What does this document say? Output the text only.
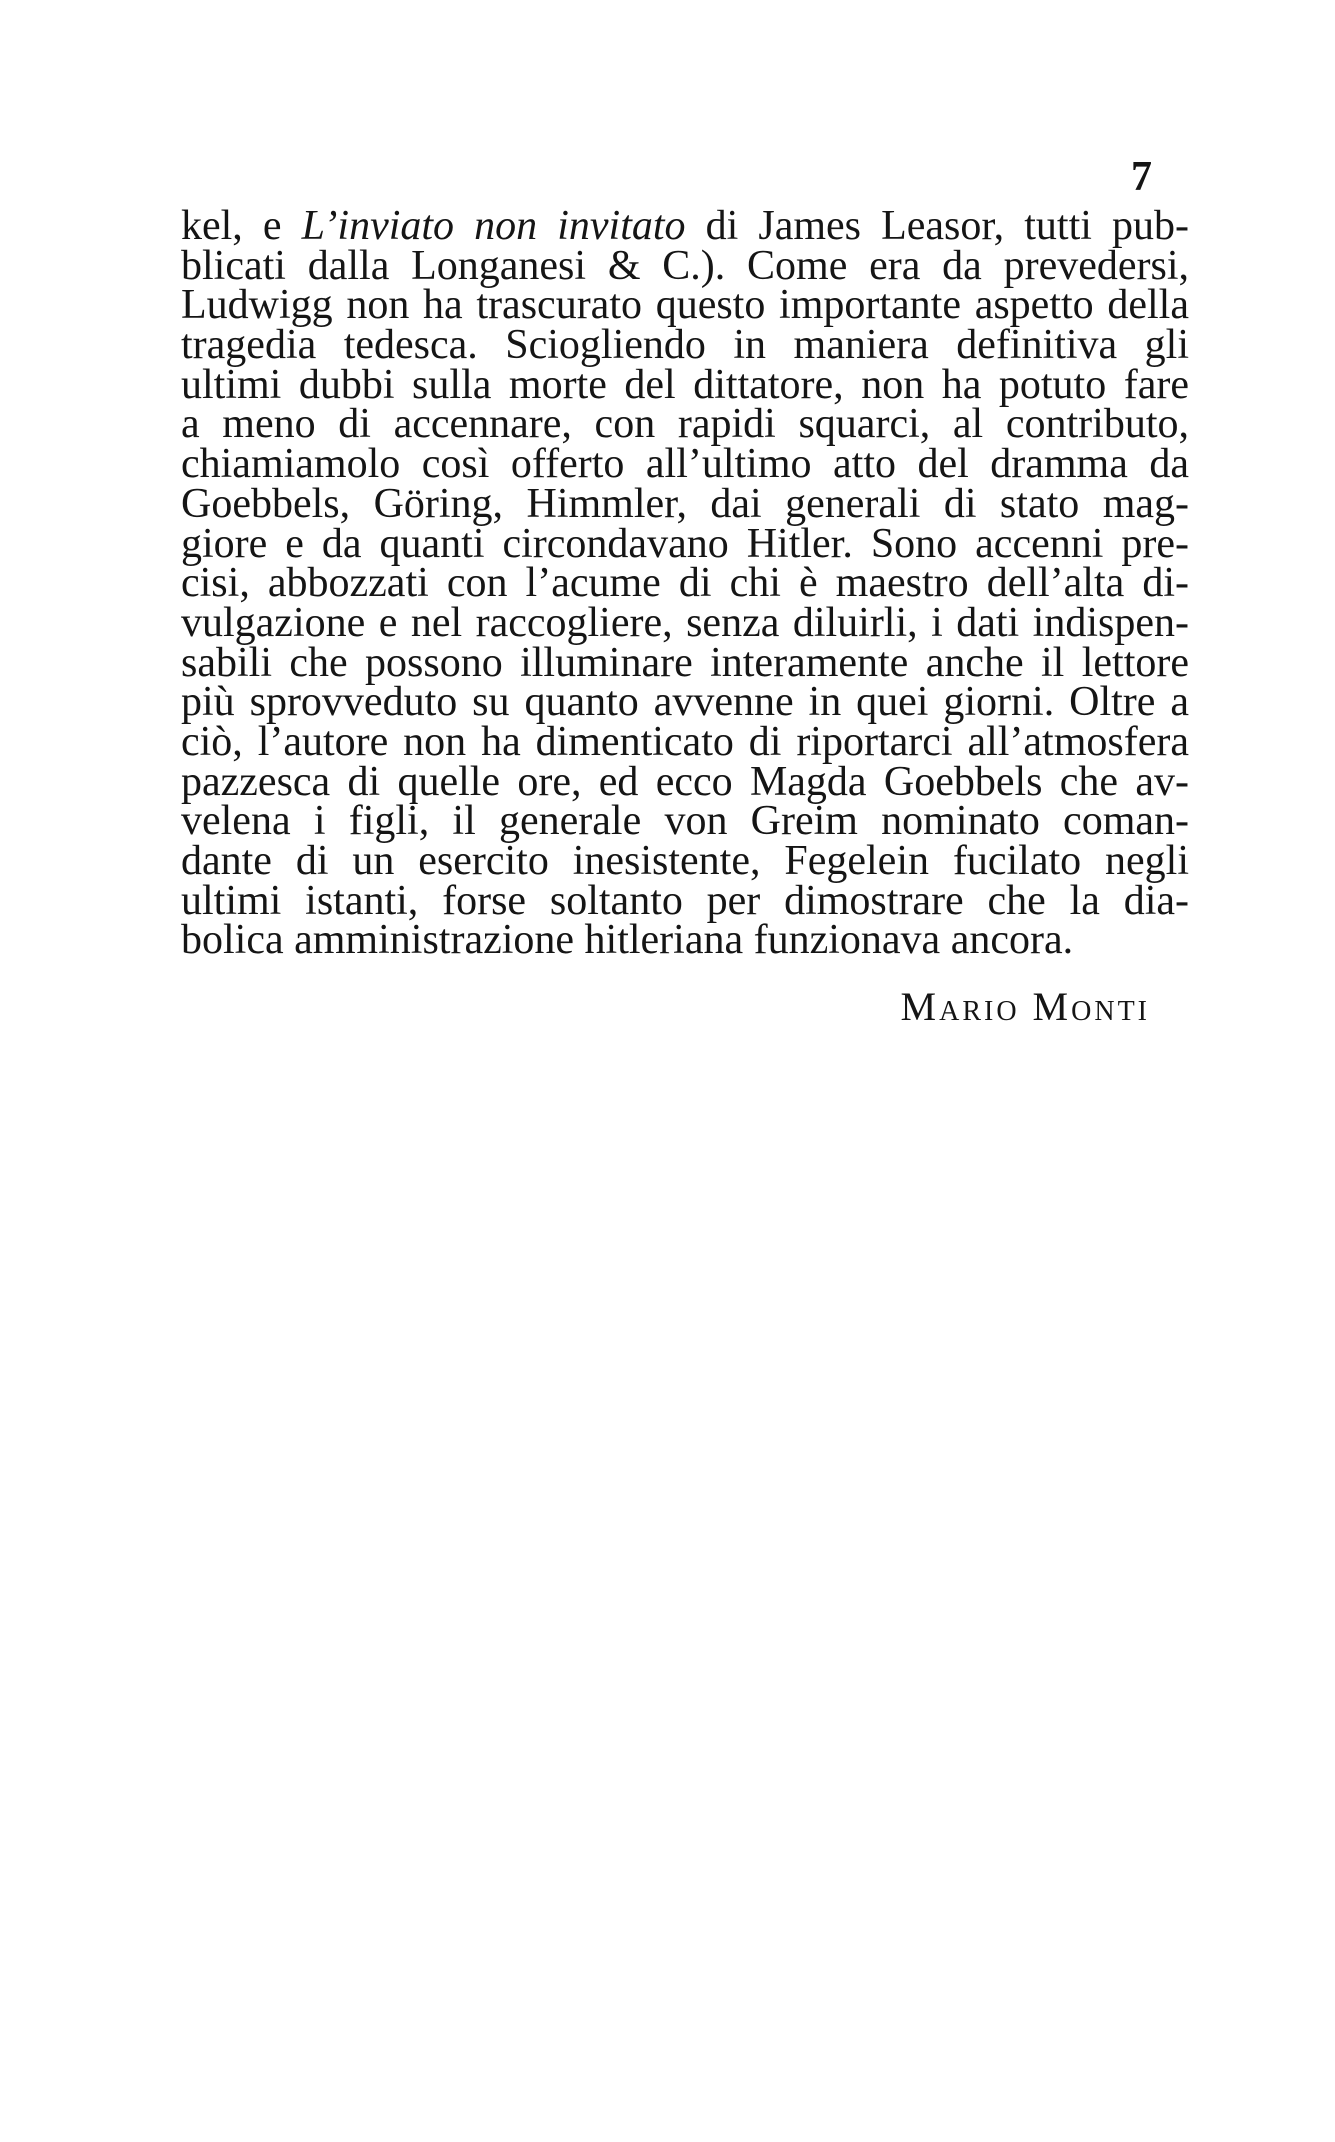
7
kel, e L’inviato non invitato di James Leasor, tutti pub-
blicati dalla Longanesi & C.). Come era da prevedersi,
Ludwigg non ha trascurato questo importante aspetto della
tragedia tedesca. Sciogliendo in maniera definitiva gli
ultimi dubbi sulla morte del dittatore, non ha potuto fare
a meno di accennare, con rapidi squarci, al contributo,
chiamiamolo così offerto all’ultimo atto del dramma da
Goebbels, Göring, Himmler, dai generali di stato mag-
giore e da quanti circondavano Hitler. Sono accenni pre-
cisi, abbozzati con l’acume di chi è maestro dell’alta di-
vulgazione e nel raccogliere, senza diluirli, i dati indispen-
sabili che possono illuminare interamente anche il lettore
più sprovveduto su quanto avvenne in quei giorni. Oltre a
ciò, l’autore non ha dimenticato di riportarci all’atmosfera
pazzesca di quelle ore, ed ecco Magda Goebbels che av-
velena i figli, il generale von Greim nominato coman-
dante di un esercito inesistente, Fegelein fucilato negli
ultimi istanti, forse soltanto per dimostrare che la dia-
bolica amministrazione hitleriana funzionava ancora.
Mario Monti
